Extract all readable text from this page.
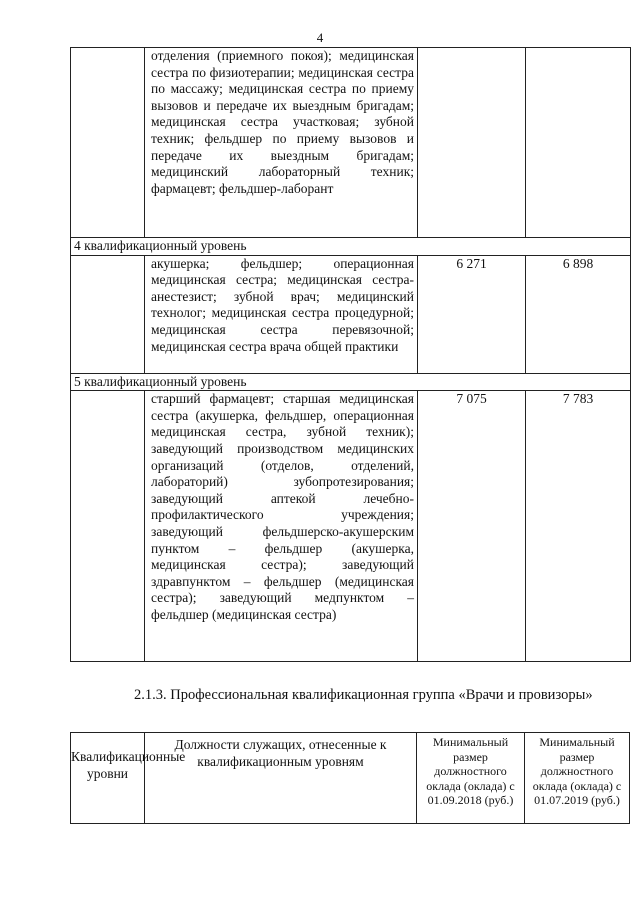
4
	отделения (приемного покоя); медицинская сестра по физиотерапии; медицинская сестра по массажу; медицинская сестра по приему вызовов и передаче их выездным бригадам; медицинская сестра участковая; зубной техник; фельдшер по приему вызовов и передаче их выездным бригадам; медицинский лабораторный техник; фармацевт; фельдшер-лаборант		
4 квалификационный уровень			
	акушерка; фельдшер; операционная медицинская сестра; медицинская сестра-анестезист; зубной врач; медицинский технолог; медицинская сестра процедурной; медицинская сестра перевязочной; медицинская сестра врача общей практики	6 271	6 898

5 квалификационный уровень			
	старший фармацевт; старшая медицинская сестра (акушерка, фельдшер, операционная медицинская сестра, зубной техник); заведующий производством медицинских организаций (отделов, отделений, лабораторий) зубопротезирования; заведующий аптекой лечебно-профилактического учреждения; заведующий фельдшерско-акушерским пунктом – фельдшер (акушерка, медицинская сестра); заведующий здравпунктом – фельдшер (медицинская сестра); заведующий медпунктом – фельдшер (медицинская сестра)	7 075	7 783
2.1.3. Профессиональная квалификационная группа «Врачи и провизоры»
Квалификационные уровни	Должности служащих, отнесенные к квалификационным уровням	Минимальный размер должностного оклада (оклада) с 01.09.2018 (руб.)	Минимальный размер должностного оклада (оклада) с 01.07.2019 (руб.)
